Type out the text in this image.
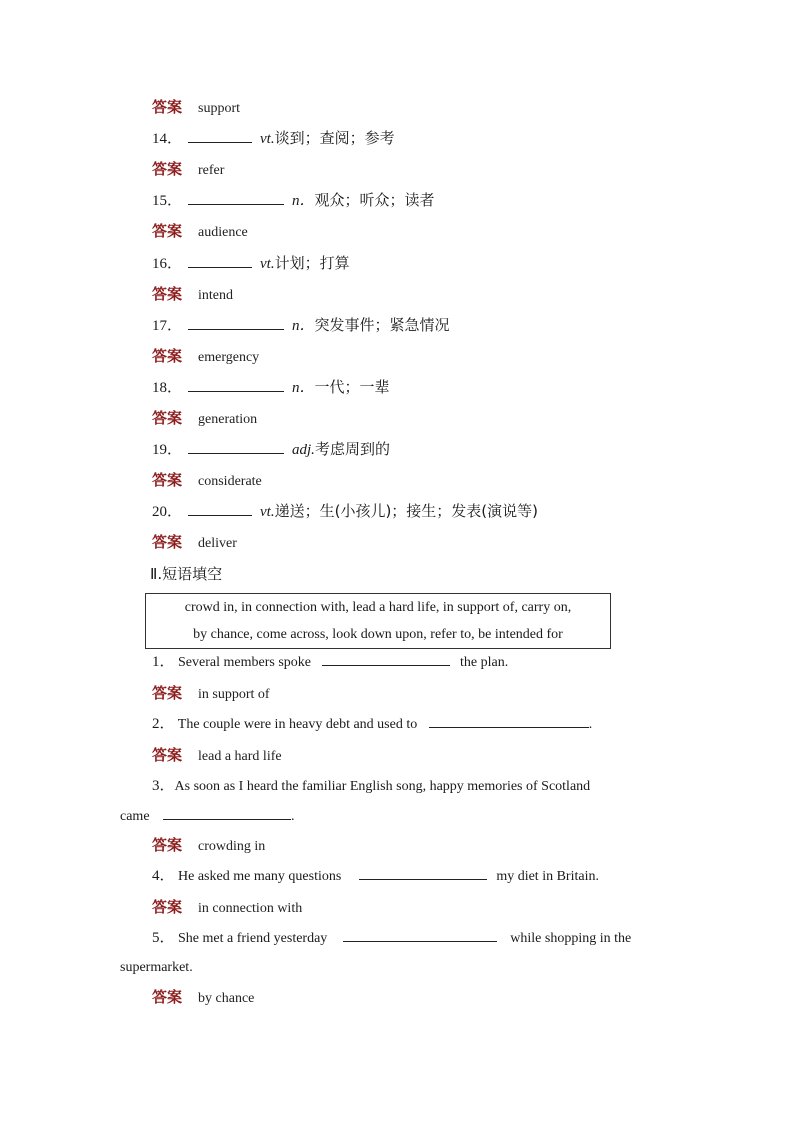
答案 support
14．	vt.谈到；查阅；参考
答案 refer
15．	n．观众；听众；读者
答案 audience
16．	vt.计划；打算
答案 intend
17．	n．突发事件；紧急情况
答案 emergency
18．	n．一代；一辈
答案 generation
19．	adj.考虑周到的
答案 considerate
20．	vt.递送；生(小孩儿)；接生；发表(演说等)
答案 deliver
Ⅱ.短语填空
crowd in, in connection with, lead a hard life, in support of, carry on,
by chance, come across, look down upon, refer to, be intended for
1． Several members spoke	the plan.
答案 in support of
2． The couple were in heavy debt and used to	.
答案 lead a hard life
3．As soon as I heard the familiar English song, happy memories of Scotland
came	.
答案 crowding in
4． He asked me many questions	my diet in Britain.
答案 in connection with
5． She met a friend yesterday	while shopping in the
supermarket.
答案 by chance
